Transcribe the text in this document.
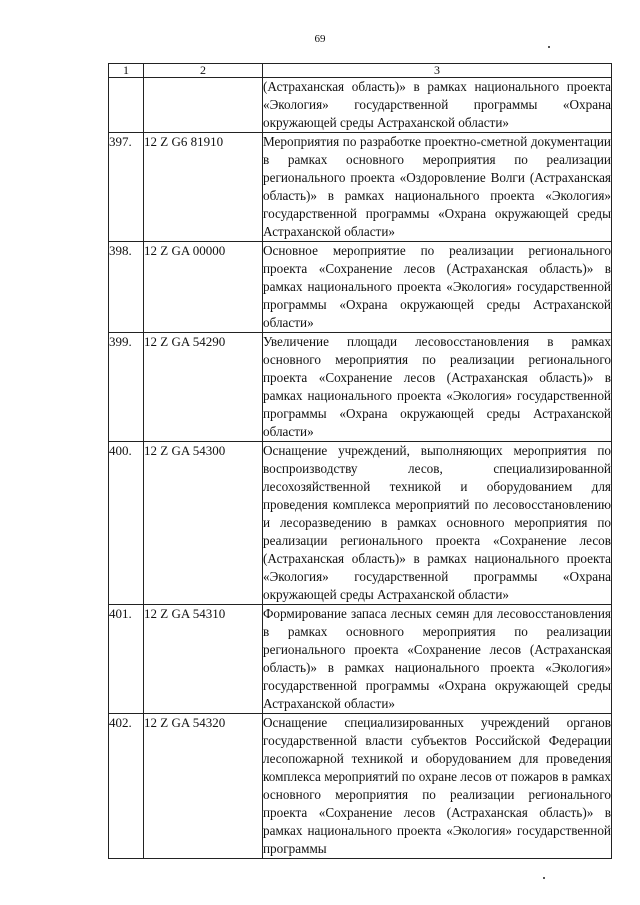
69
1	2	3
		(Астраханская область)» в рамках национального проекта «Экология» государственной программы «Охрана окружающей среды Астраханской области»
397.	12 Z G6 81910	Мероприятия по разработке проектно-сметной документации в рамках основного мероприятия по реализации регионального проекта «Оздоровление Волги (Астраханская область)» в рамках национального проекта «Экология» государственной программы «Охрана окружающей среды Астраханской области»
398.	12 Z GA 00000	Основное мероприятие по реализации регионального проекта «Сохранение лесов (Астраханская область)» в рамках национального проекта «Экология» государственной программы «Охрана окружающей среды Астраханской области»
399.	12 Z GA 54290	Увеличение площади лесовосстановления в рамках основного мероприятия по реализации регионального проекта «Сохранение лесов (Астраханская область)» в рамках национального проекта «Экология» государственной программы «Охрана окружающей среды Астраханской области»
400.	12 Z GA 54300	Оснащение учреждений, выполняющих мероприятия по воспроизводству лесов, специализированной лесохозяйственной техникой и оборудованием для проведения комплекса мероприятий по лесовосстановлению и лесоразведению в рамках основного мероприятия по реализации регионального проекта «Сохранение лесов (Астраханская область)» в рамках национального проекта «Экология» государственной программы «Охрана окружающей среды Астраханской области»
401.	12 Z GA 54310	Формирование запаса лесных семян для лесовосстановления в рамках основного мероприятия по реализации регионального проекта «Сохранение лесов (Астраханская область)» в рамках национального проекта «Экология» государственной программы «Охрана окружающей среды Астраханской области»
402.	12 Z GA 54320	Оснащение специализированных учреждений органов государственной власти субъектов Российской Федерации лесопожарной техникой и оборудованием для проведения комплекса мероприятий по охране лесов от пожаров в рамках основного мероприятия по реализации регионального проекта «Сохранение лесов (Астраханская область)» в рамках национального проекта «Экология» государственной программы
